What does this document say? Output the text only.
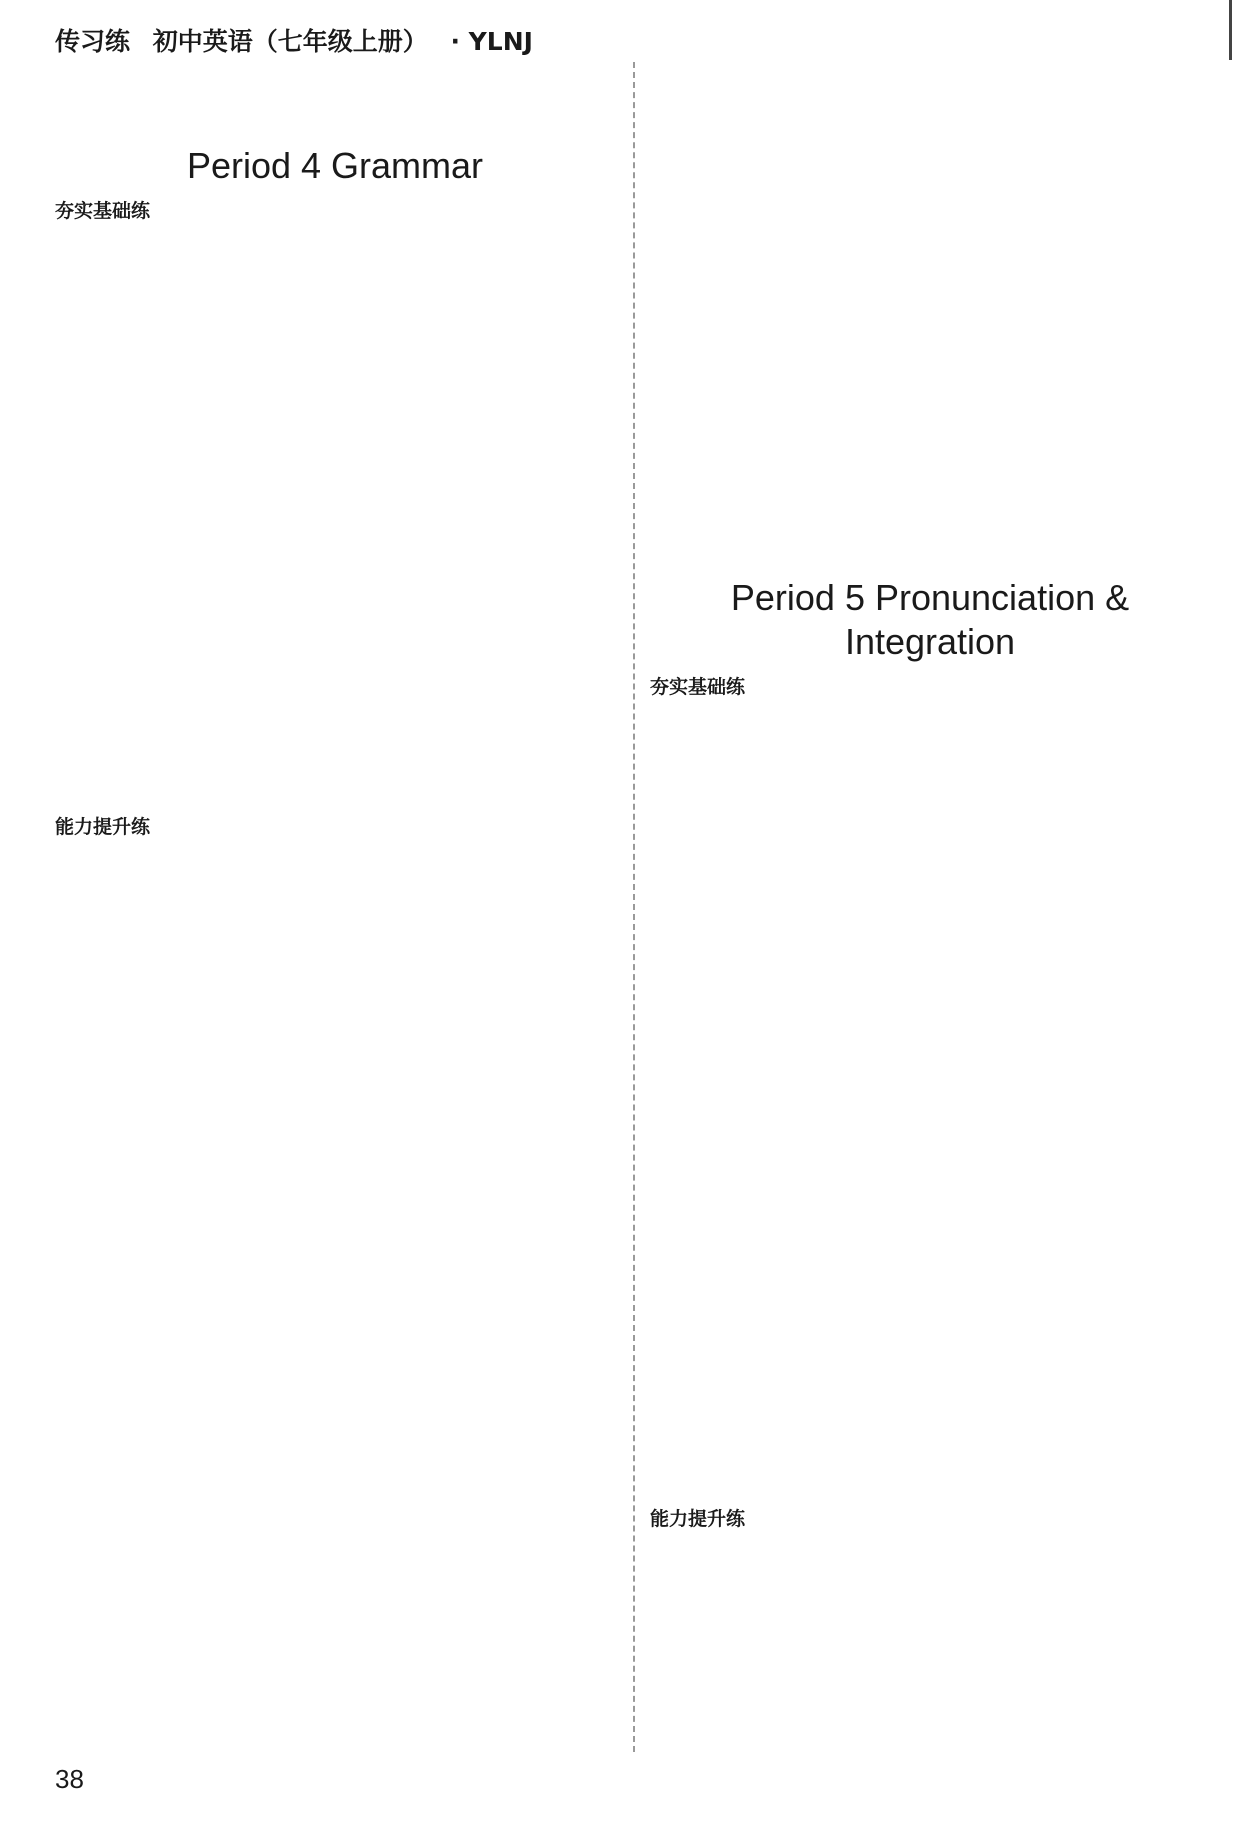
传习练 初中英语（七年级上册） · YLNJ
Period 4 Grammar
夯实基础练
能力提升练
Period 5 Pronunciation & Integration
夯实基础练
能力提升练
38
